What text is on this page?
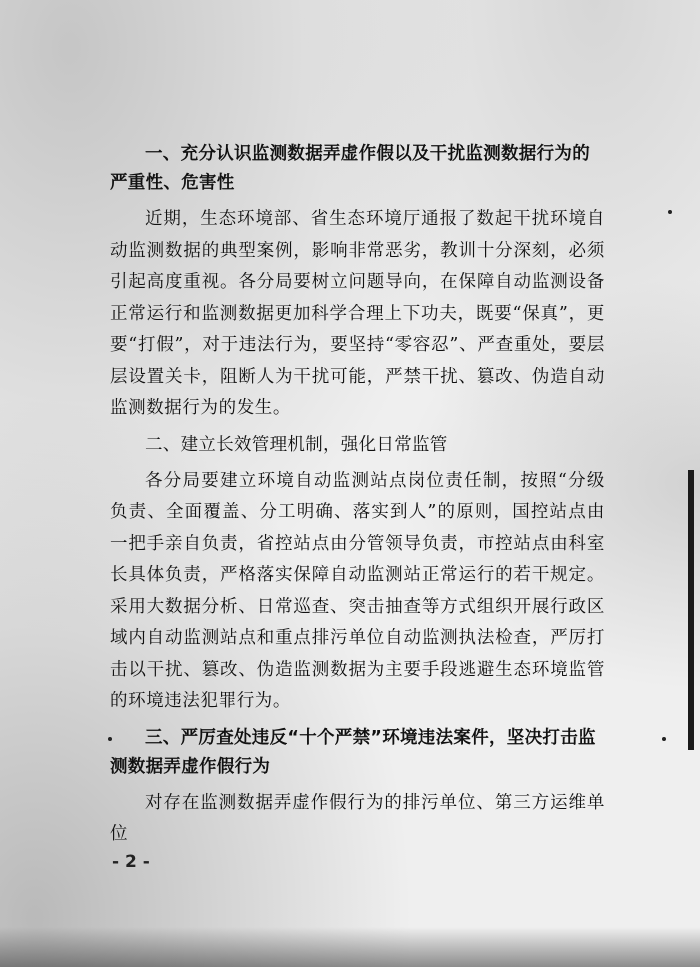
一、充分认识监测数据弄虚作假以及干扰监测数据行为的严重性、危害性

近期，生态环境部、省生态环境厅通报了数起干扰环境自动监测数据的典型案例，影响非常恶劣，教训十分深刻，必须引起高度重视。各分局要树立问题导向，在保障自动监测设备正常运行和监测数据更加科学合理上下功夫，既要“保真”，更要“打假”，对于违法行为，要坚持“零容忍”、严查重处，要层层设置关卡，阻断人为干扰可能，严禁干扰、篡改、伪造自动监测数据行为的发生。

二、建立长效管理机制，强化日常监管

各分局要建立环境自动监测站点岗位责任制，按照“分级负责、全面覆盖、分工明确、落实到人”的原则，国控站点由一把手亲自负责，省控站点由分管领导负责，市控站点由科室长具体负责，严格落实保障自动监测站正常运行的若干规定。采用大数据分析、日常巡查、突击抽查等方式组织开展行政区域内自动监测站点和重点排污单位自动监测执法检查，严厉打击以干扰、篡改、伪造监测数据为主要手段逃避生态环境监管的环境违法犯罪行为。

三、严厉查处违反“十个严禁”环境违法案件，坚决打击监测数据弄虚作假行为

对存在监测数据弄虚作假行为的排污单位、第三方运维单位

- 2 -
